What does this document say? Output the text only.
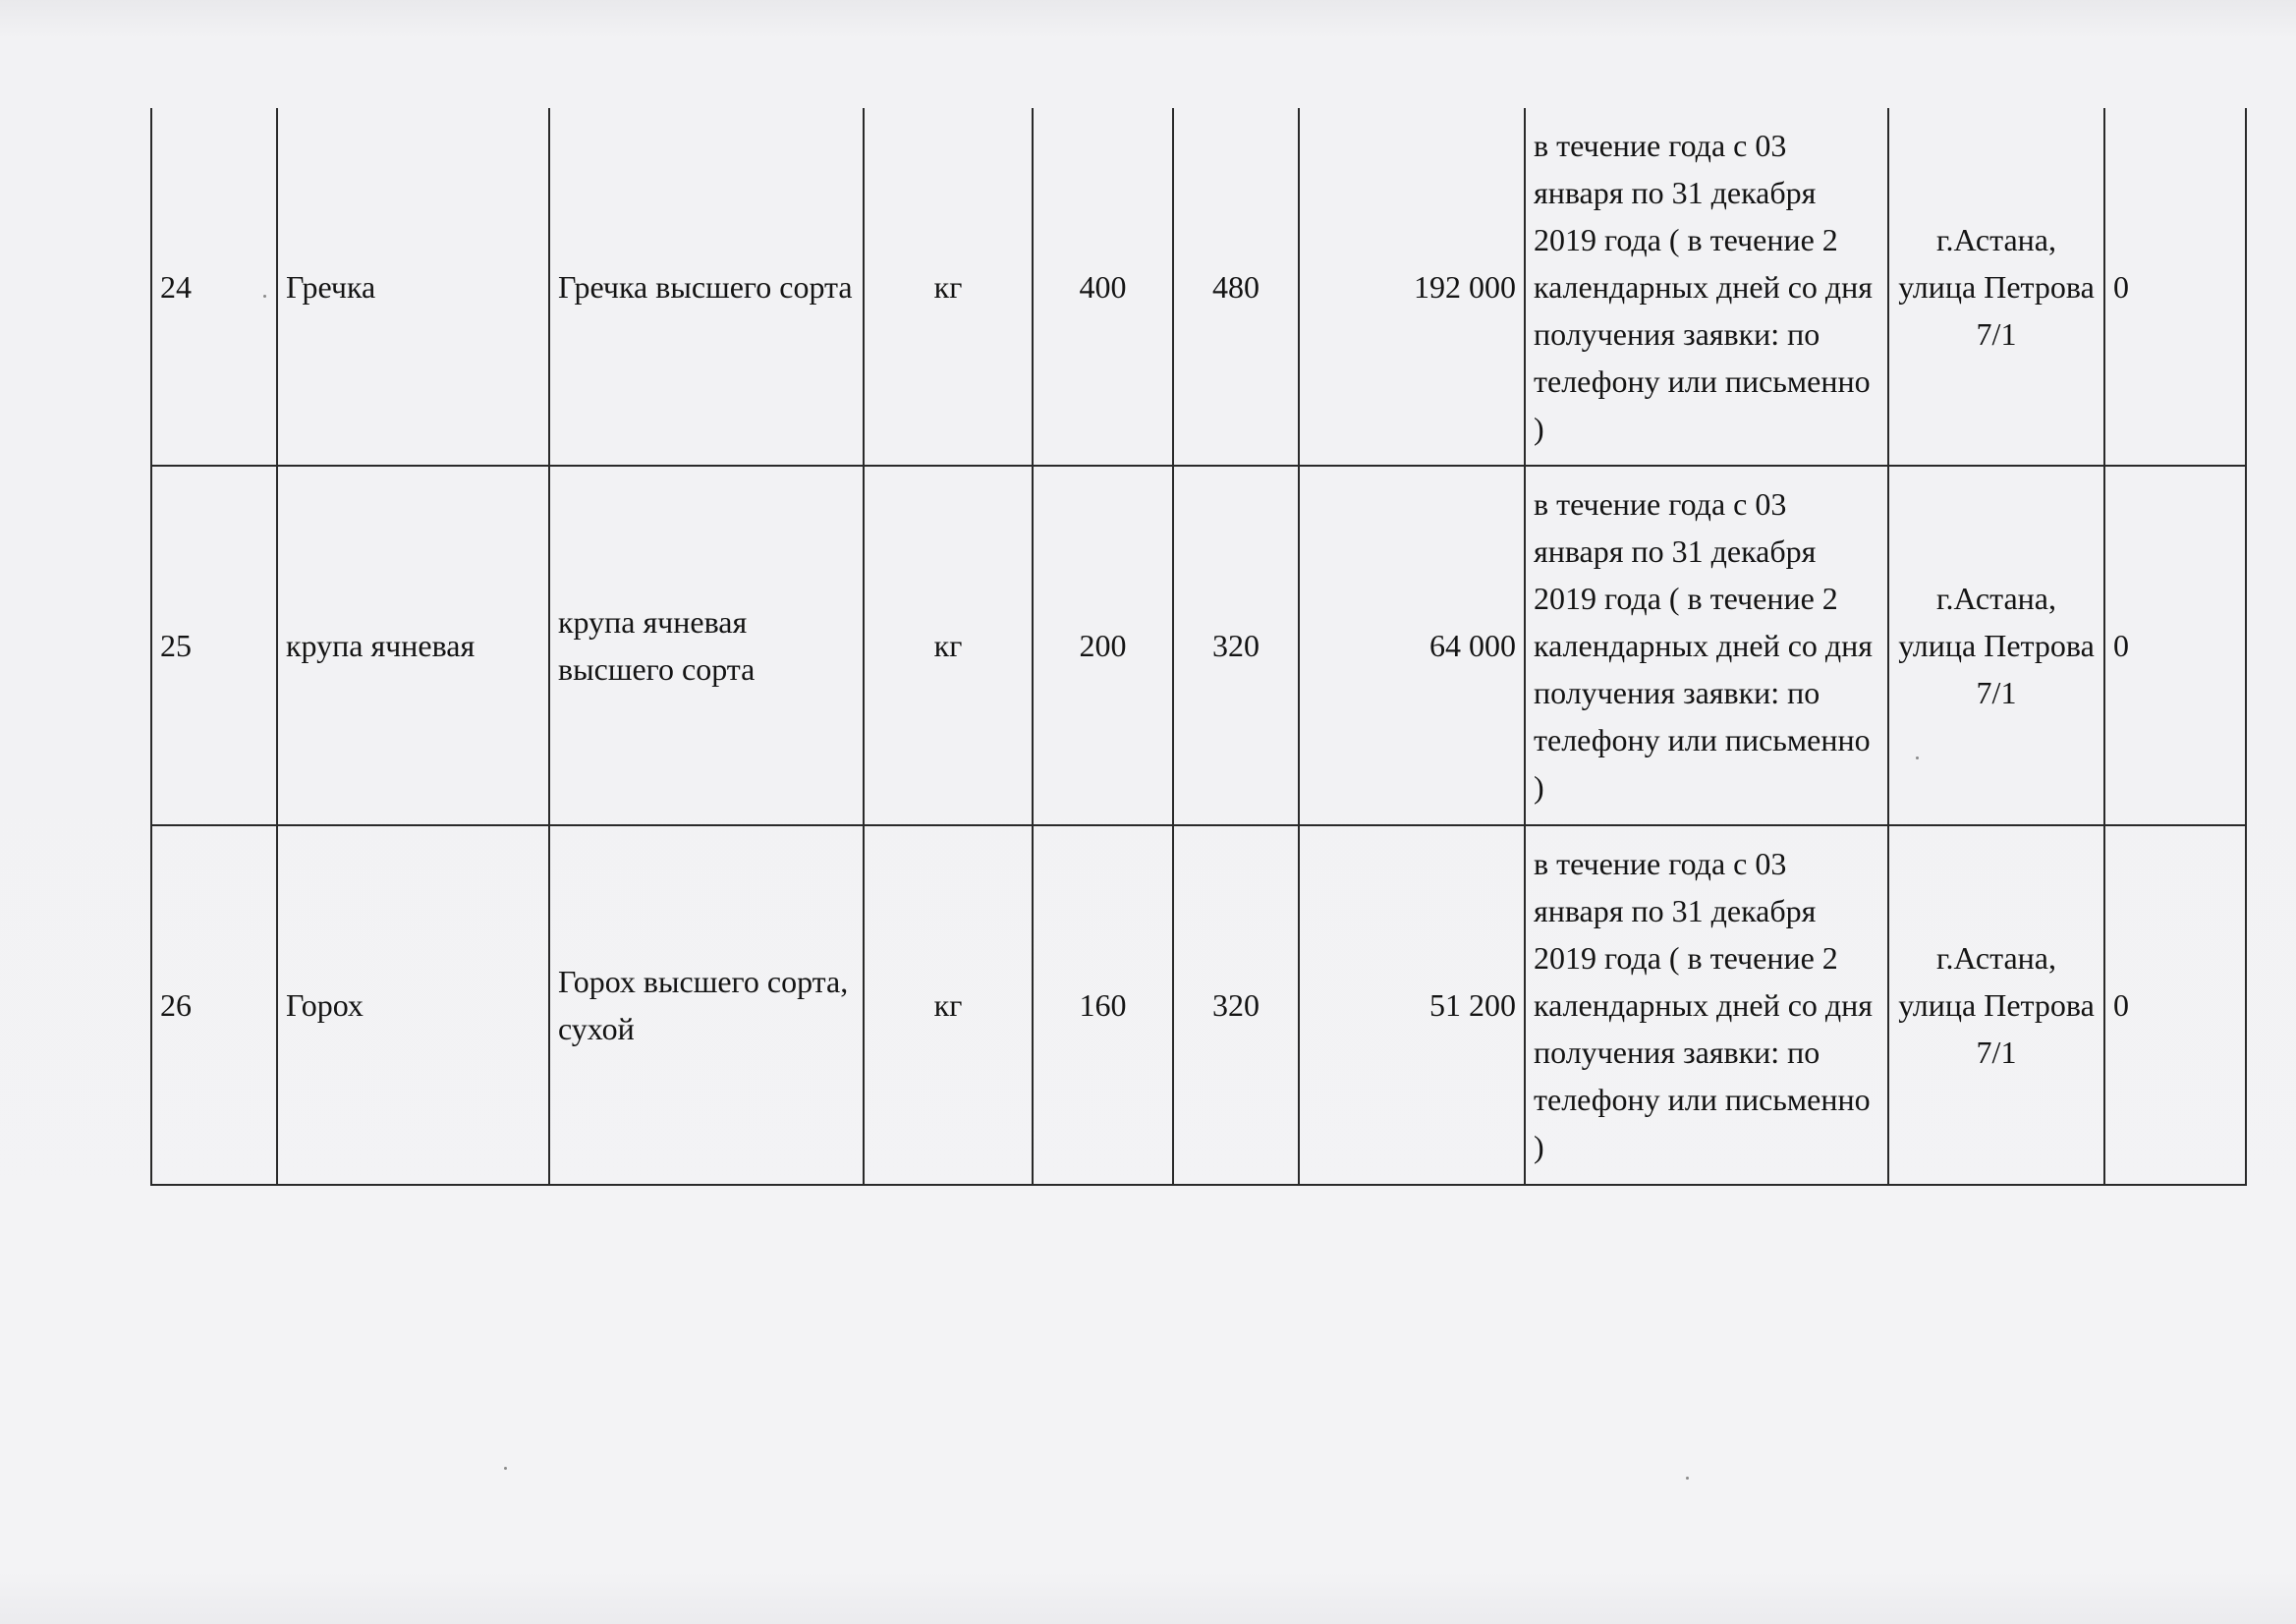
24	Гречка	Гречка высшего сорта	кг	400	480	192 000	в течение года с 03 января по 31 декабря 2019 года ( в течение 2 календарных дней со дня получения заявки: по телефону или письменно )	г.Астана, улица Петрова 7/1	0
25	крупа ячневая	крупа ячневая высшего сорта	кг	200	320	64 000	в течение года с 03 января по 31 декабря 2019 года ( в течение 2 календарных дней со дня получения заявки: по телефону или письменно )	г.Астана, улица Петрова 7/1	0
26	Горох	Горох высшего сорта, сухой	кг	160	320	51 200	в течение года с 03 января по 31 декабря 2019 года ( в течение 2 календарных дней со дня получения заявки: по телефону или письменно )	г.Астана, улица Петрова 7/1	0
